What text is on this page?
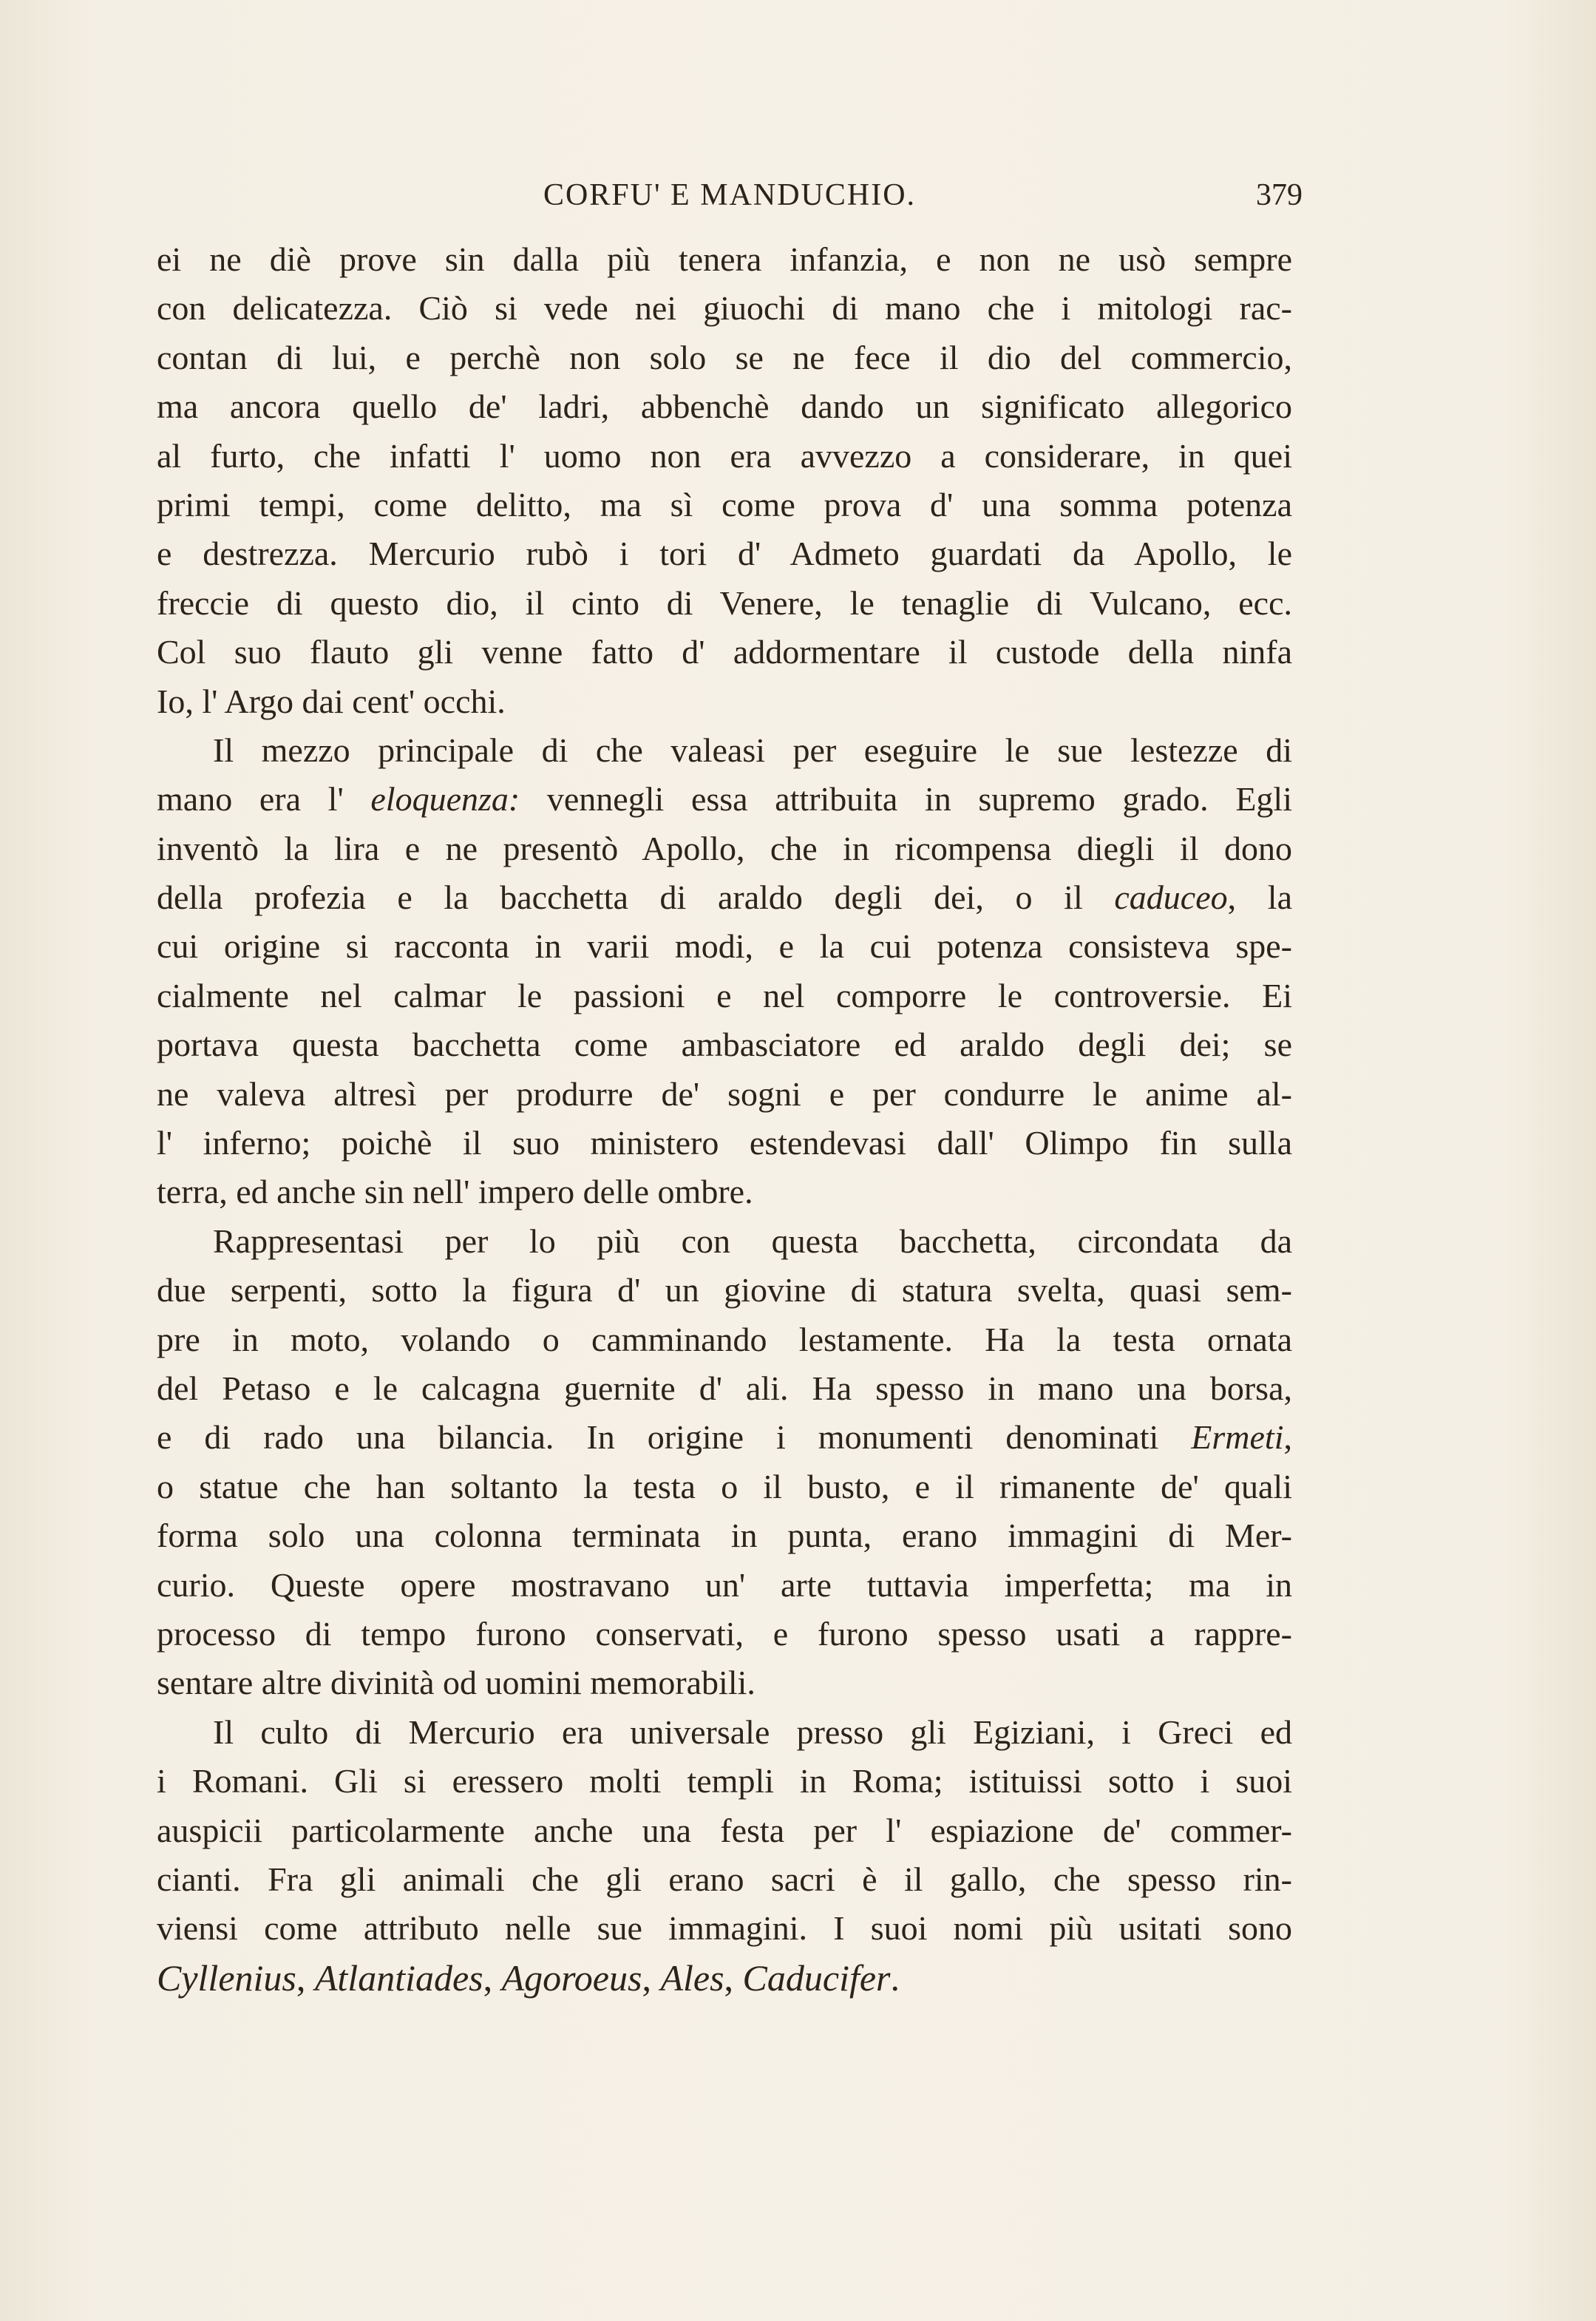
CORFU' E MANDUCHIO.	379
ei ne diè prove sin dalla più tenera infanzia, e non ne usò sempre
con delicatezza. Ciò si vede nei giuochi di mano che i mitologi rac-
contan di lui, e perchè non solo se ne fece il dio del commercio,
ma ancora quello de' ladri, abbenchè dando un significato allegorico
al furto, che infatti l' uomo non era avvezzo a considerare, in quei
primi tempi, come delitto, ma sì come prova d' una somma potenza
e destrezza. Mercurio rubò i tori d' Admeto guardati da Apollo, le
freccie di questo dio, il cinto di Venere, le tenaglie di Vulcano, ecc.
Col suo flauto gli venne fatto d' addormentare il custode della ninfa
Io, l' Argo dai cent' occhi.
Il mezzo principale di che valeasi per eseguire le sue lestezze di
mano era l' eloquenza: vennegli essa attribuita in supremo grado. Egli
inventò la lira e ne presentò Apollo, che in ricompensa diegli il dono
della profezia e la bacchetta di araldo degli dei, o il caduceo, la
cui origine si racconta in varii modi, e la cui potenza consisteva spe-
cialmente nel calmar le passioni e nel comporre le controversie. Ei
portava questa bacchetta come ambasciatore ed araldo degli dei; se
ne valeva altresì per produrre de' sogni e per condurre le anime al-
l' inferno; poichè il suo ministero estendevasi dall' Olimpo fin sulla
terra, ed anche sin nell' impero delle ombre.
Rappresentasi per lo più con questa bacchetta, circondata da
due serpenti, sotto la figura d' un giovine di statura svelta, quasi sem-
pre in moto, volando o camminando lestamente. Ha la testa ornata
del Petaso e le calcagna guernite d' ali. Ha spesso in mano una borsa,
e di rado una bilancia. In origine i monumenti denominati Ermeti,
o statue che han soltanto la testa o il busto, e il rimanente de' quali
forma solo una colonna terminata in punta, erano immagini di Mer-
curio. Queste opere mostravano un' arte tuttavia imperfetta; ma in
processo di tempo furono conservati, e furono spesso usati a rappre-
sentare altre divinità od uomini memorabili.
Il culto di Mercurio era universale presso gli Egiziani, i Greci ed
i Romani. Gli si eressero molti templi in Roma; istituissi sotto i suoi
auspicii particolarmente anche una festa per l' espiazione de' commer-
cianti. Fra gli animali che gli erano sacri è il gallo, che spesso rin-
viensi come attributo nelle sue immagini. I suoi nomi più usitati sono
Cyllenius, Atlantiades, Agoroeus, Ales, Caducifer.
